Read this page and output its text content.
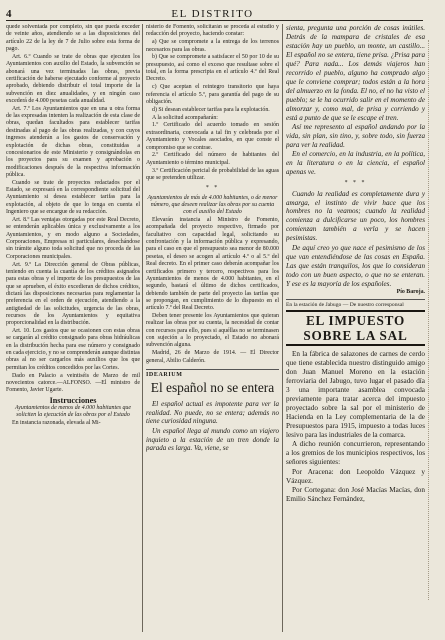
4	EL DISTRITO

quede solventada por completo, sin que pueda exceder de veinte años, atendiendo se a las disposiciones del artículo 22 de la ley de 7 de Julio sobre esta forma de pago.

Art. 6.º Cuando se trate de obras que ejecuten los Ayuntamientos con auxilio del Estado, la subvención se abonará una vez terminadas las obras, previa certificación de haberse ejecutado conforme al proyecto aprobado, debiendo distribuir el total importe de la subvención en diez anualidades, y en ningún caso excederá de 4.000 pesetas cada anualidad.

Art. 7.º Los Ayuntamientos que en una u otra forma de las expresadas intenten la realización de esta clase de obras, quedan facultados para establecer tarifas destinadas al pago de las obras realizadas, y con cuyos ingresos atenderán a los gastos de conservación y explotación de dichas obras, constituidas a concesionarios de este Ministerio y consignándolas en los proyectos para su examen y aprobación o modificaciones después de la respectiva información pública.

Cuando se trate de proyectos redactados por el Estado, se expresará en la correspondiente solicitud del Ayuntamiento si desea establecer tarifas para la explotación, al objeto de que lo tenga en cuenta el Ingeniero que se encargue de su redacción.

Art. 8.º Las ventajas otorgadas por este Real Decreto, se entenderán aplicables única y exclusivamente a los Ayuntamientos, y en modo alguno a Sociedades, Corporaciones, Empresas ni particulares, desechándose sin trámite alguno toda solicitud que no proceda de las Corporaciones municipales.

Art. 9.º La Dirección general de Obras públicas, teniendo en cuenta la cuantía de los créditos asignados para estas obras y el importe de los presupuestos de las que se aprueben, el éxito excedieran de dichos créditos, dictará las disposiciones necesarias para reglamentar la preferencia en el orden de ejecución, atendiendo a la antigüedad de las solicitudes, urgencia de las obras, recursos de los Ayuntamientos y equitativa proporcionalidad en la distribución.

Art. 10. Los gastos que se ocasionen con estas obras se cargarán al crédito consignado para obras hidráulicas en la distribución hecha para ese número y consignado en cada ejercicio, y no se comprenderán aunque distintas obras al no ser cargarlos más auxilios que los que permitan los créditos concedidos por las Cortes.

Dado en Palacio a veintiséis de Marzo de mil novecientos catorce.—ALFONSO. —El ministro de Fomento, Javier Ugarte.

Instrucciones

Ayuntamientos de menos de 4.000 habitantes que soliciten la ejecución de las obras por el Estado

En instancia razonada, elevada al Mi-

nisterio de Fomento, solicitarán se proceda al estudio y redacción del proyecto, haciendo constar:

a) Que se compromete a la entrega de los terrenos necesarios para las obras.

b) Que se compromete a satisfacer el 50 por 10 de su presupuesto, así como el exceso que resultase sobre el total, en la forma prescripta en el artículo 4.º del Real Decreto.

c) Que aceptan el reintegro transitorio que haya referencia el artículo 5.º, para garantía del pago de su obligación.

d) Si desean establecer tarifas para la explotación.

A la solicitud acompañarán:

1.º Certificado del acuerdo tomado en sesión extraordinaria, convocada a tal fin y celebrada por el Ayuntamiento y Vocales asociados, en que conste el compromiso que se contrae.

2.º Certificado del número de habitantes del Ayuntamiento o término municipal.

3.º Certificación pericial de probabilidad de las aguas que se pretenden utilizar.

* *

Ayuntamientos de más de 4.000 habitantes, o de menor número, que deseen realizar las obras por su cuenta con el auxilio del Estado

Elevarán instancia al Ministro de Fomento, acompañada del proyecto respectivo, firmado por facultativo con capacidad legal, solicitando su confrontación y la información pública y expresando, para el caso en que el presupuesto sea menor de 80.000 pesetas, el deseo se acogen al artículo 4.º o al 5.º del Real decreto. En el primer caso deberán acompañar los certificados primero y tercero, respectivos para los Ayuntamientos de menos de 4.000 habitantes, en el segundo, bastará el último de dichos certificados, debiendo también de parte del proyecto las tarifas que se propongan, en cumplimiento de lo dispuesto en el artículo 7.º del Real Decreto.

Deben tener presente los Ayuntamientos que quieran realizar las obras por su cuenta, la necesidad de contar con recursos para ello, pues si aquéllas no se terminasen con sujeción a lo proyectado, el Estado no abonará subvención alguna.

Madrid, 26 de Marzo de 1914. — El Director general, Abilio Calderón.

IDEARIUM

El español no se entera

El español actual es impotente para ver la realidad. No puede, no se entera; además no tiene curiosidad ninguna.

Un español llega al mundo como un viajero inquieto a la estación de un tren donde la parada es larga. Va, viene, se

sienta, pregunta una porción de cosas inútiles. Detrás de la mampara de cristales de esa estación hay un pueblo, un monte, un castillo... El español no se entera, tiene prisa. ¿Prisa para qué? Para nada... Los demás viajeros han recorrido el pueblo, alguno ha comprado algo que le conviene comprar; todos están a la hora del almuerzo en la fonda. El no, el no ha visto el pueblo; se le ha ocurrido salir en el momento de almorzar y, como mal, de prisa y corriendo y está a punto de que se le escape el tren.

Así me represento al español andando por la vida, sin plan, sin tino, y, sobre todo, sin fuerza para ver la realidad.

En el comercio, en la industria, en la política, en la literatura o en la ciencia, el español apenas ve.

* * *

Cuando la realidad es completamente dura y amarga, el instinto de vivir hace que los hombres no la veamos; cuando la realidad comienza a dulcificarse un poco, los hombres comienzan también a verla y se hacen pesimistas.

De aquí creo yo que nace el pesimismo de los que van entendiéndose de las cosas en España. Las que están tranquilos, los que lo consideran todo con un buen aspecto, o que no se enteran. Y ese es la mayoría de los españoles.

Pío Baroja.

En la estación de Jabugo — De nuestro corresponsal

EL IMPUESTO SOBRE LA SAL

En la fábrica de salazones de carnes de cerdo que tiene establecida nuestro distinguido amigo don Juan Manuel Moreno en la estación ferroviaria del Jabugo, tuvo lugar el pasado día 3 una importante asamblea convocada previamente para tratar acerca del impuesto proyectado sobre la sal por el ministerio de Hacienda en la Ley complementaria de la de Presupuestos para 1915, impuesto a todas luces lesivo para las industriales de la comarca.

A dicho reunión concurrieron, representando a los gremios de los municipios respectivos, los señores siguientes:

Por Aracena: don Leopoldo Vázquez y Vázquez.

Por Cortegana: don José Macías Macías, don Emilio Sánchez Fernández,
